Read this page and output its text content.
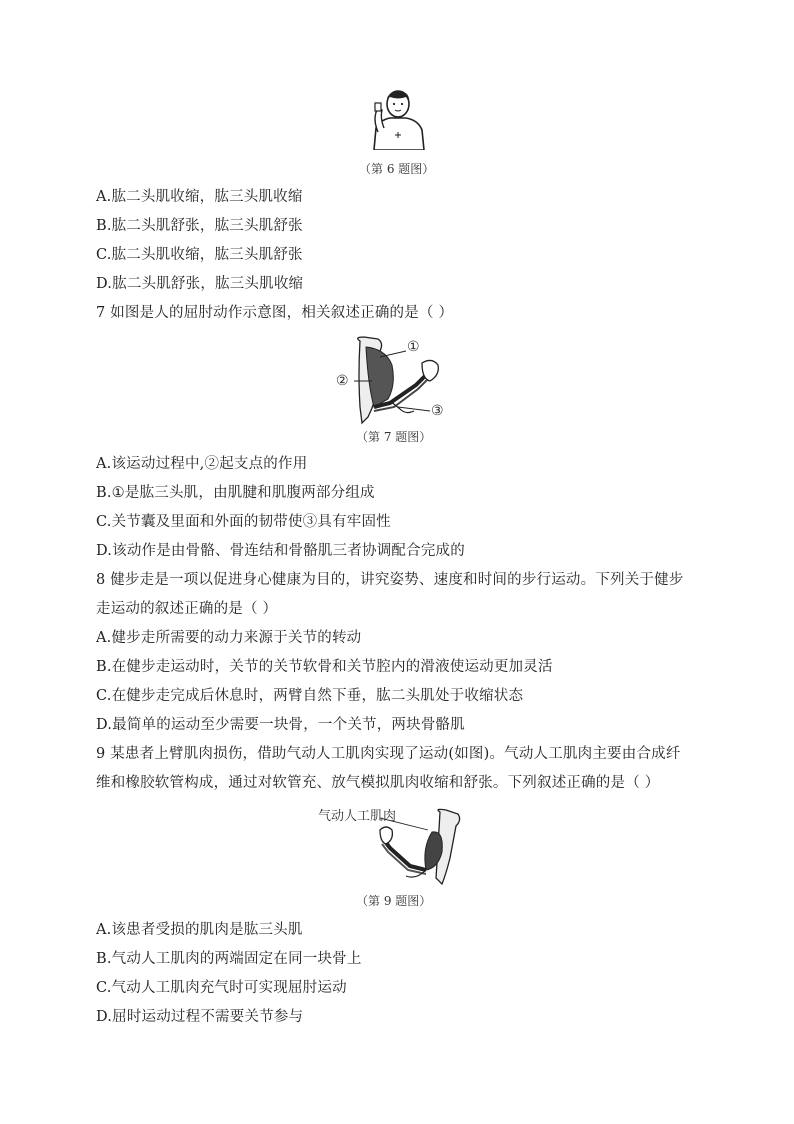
（第 6 题图）
A.肱二头肌收缩，肱三头肌收缩
B.肱二头肌舒张，肱三头肌舒张
C.肱二头肌收缩，肱三头肌舒张
D.肱二头肌舒张，肱三头肌收缩
7 如图是人的屈肘动作示意图，相关叙述正确的是（ ）
①
②
③
（第 7 题图）
A.该运动过程中,②起支点的作用
B.①是肱三头肌，由肌腱和肌腹两部分组成
C.关节囊及里面和外面的韧带使③具有牢固性
D.该动作是由骨骼、骨连结和骨骼肌三者协调配合完成的
8 健步走是一项以促进身心健康为目的，讲究姿势、速度和时间的步行运动。下列关于健步
走运动的叙述正确的是（ ）
A.健步走所需要的动力来源于关节的转动
B.在健步走运动时，关节的关节软骨和关节腔内的滑液使运动更加灵活
C.在健步走完成后休息时，两臂自然下垂，肱二头肌处于收缩状态
D.最简单的运动至少需要一块骨，一个关节，两块骨骼肌
9 某患者上臂肌肉损伤，借助气动人工肌肉实现了运动(如图)。气动人工肌肉主要由合成纤
维和橡胶软管构成，通过对软管充、放气模拟肌肉收缩和舒张。下列叙述正确的是（ ）
气动人工肌肉
（第 9 题图）
A.该患者受损的肌肉是肱三头肌
B.气动人工肌肉的两端固定在同一块骨上
C.气动人工肌肉充气时可实现屈肘运动
D.屈时运动过程不需要关节参与
